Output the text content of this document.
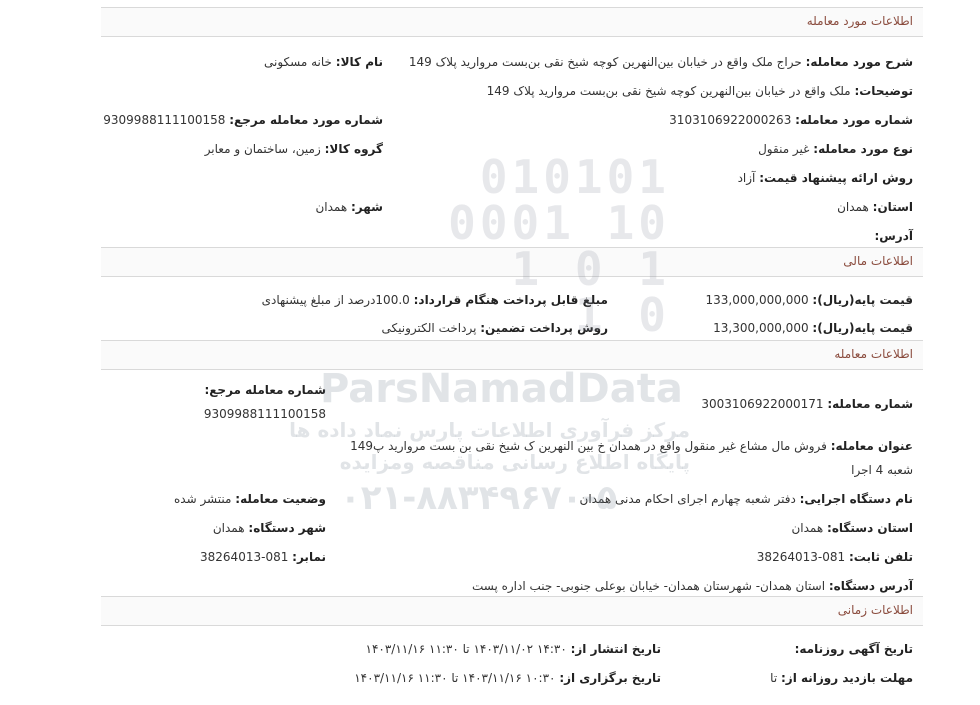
اطلاعات مورد معامله
شرح مورد معامله: حراج ملک واقع در خیابان بین‌النهرین کوچه شیخ نقی بن‌بست مروارید پلاک 149
نام کالا: خانه مسکونی
توضیحات: ملک واقع در خیابان بین‌النهرین کوچه شیخ نقی بن‌بست مروارید پلاک 149
شماره مورد معامله: 3103106922000263
شماره مورد معامله مرجع: 9309988111100158
نوع مورد معامله: غیر منقول
گروه کالا: زمین، ساختمان و معابر
روش ارائه پیشنهاد قیمت: آزاد
استان: همدان
شهر: همدان
آدرس:
اطلاعات مالی
قیمت پایه(ریال): 133,000,000,000
مبلغ قابل پرداخت هنگام قرارداد: 100.0درصد از مبلغ پیشنهادی
قیمت پایه(ریال): 13,300,000,000
روش پرداخت تضمین: پرداخت الکترونیکی
اطلاعات معامله
شماره معامله: 3003106922000171
شماره معامله مرجع:
9309988111100158
عنوان معامله: فروش مال مشاع غیر منقول واقع در همدان خ بین النهرین ک شیخ نقی بن بست مروارید پ149
شعبه 4 اجرا
نام دستگاه اجرایی: دفتر شعبه چهارم اجرای احکام مدنی همدان
وضعیت معامله: منتشر شده
استان دستگاه: همدان
شهر دستگاه: همدان
تلفن ثابت: 081-38264013
نمابر: 081-38264013
آدرس دستگاه: استان همدان- شهرستان همدان- خیابان بوعلی جنوبی- جنب اداره پست
اطلاعات زمانی
تاریخ آگهی روزنامه:
تاریخ انتشار از: ۱۴:۳۰ ۱۴۰۳/۱۱/۰۲ تا ۱۱:۳۰ ۱۴۰۳/۱۱/۱۶
مهلت بازدید روزانه از: تا
تاریخ برگزاری از: ۱۰:۳۰ ۱۴۰۳/۱۱/۱۶ تا ۱۱:۳۰ ۱۴۰۳/۱۱/۱۶
010101
0001 10
1 0
ParsNamadData
مرکز فرآوری اطلاعات پارس نماد داده ها
پایگاه اطلاع رسانی مناقصه ومزایده
۰۲۱-۸۸۳۴۹۶۷۰-۵
